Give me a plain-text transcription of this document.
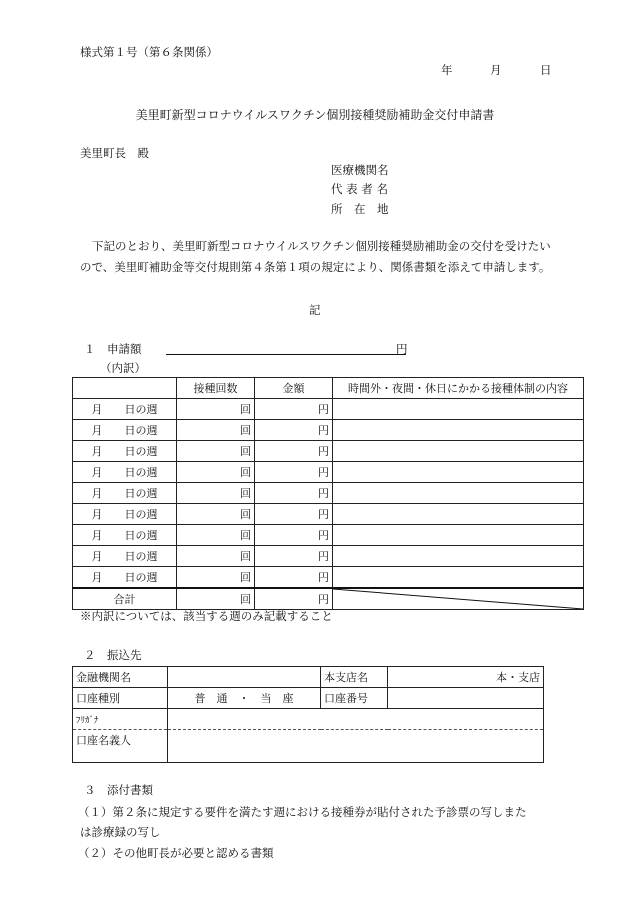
様式第１号（第６条関係）
年	月	日
美里町新型コロナウイルスワクチン個別接種奨励補助金交付申請書
美里町長　殿
医療機関名
代 表 者 名
所　在　地
下記のとおり、美里町新型コロナウイルスワクチン個別接種奨励補助金の交付を受けたいので、美里町補助金等交付規則第４条第１項の規定により、関係書類を添えて申請します。
記
１　申請額	円
（内訳）
	接種回数	金額	時間外・夜間・休日にかかる接種体制の内容
月　　日の週	回	円	
月　　日の週	回	円	
月　　日の週	回	円	
月　　日の週	回	円	
月　　日の週	回	円	
月　　日の週	回	円	
月　　日の週	回	円	
月　　日の週	回	円	
月　　日の週	回	円	
合計	回	円	
※内訳については、該当する週のみ記載すること
２　振込先
金融機関名		本支店名	本・支店
口座種別	普　通　・　当　座	口座番号	
ﾌﾘｶﾞﾅ			
口座名義人			
３　添付書類
（１）第２条に規定する要件を満たす週における接種券が貼付された予診票の写しまた
は診療録の写し
（２）その他町長が必要と認める書類
